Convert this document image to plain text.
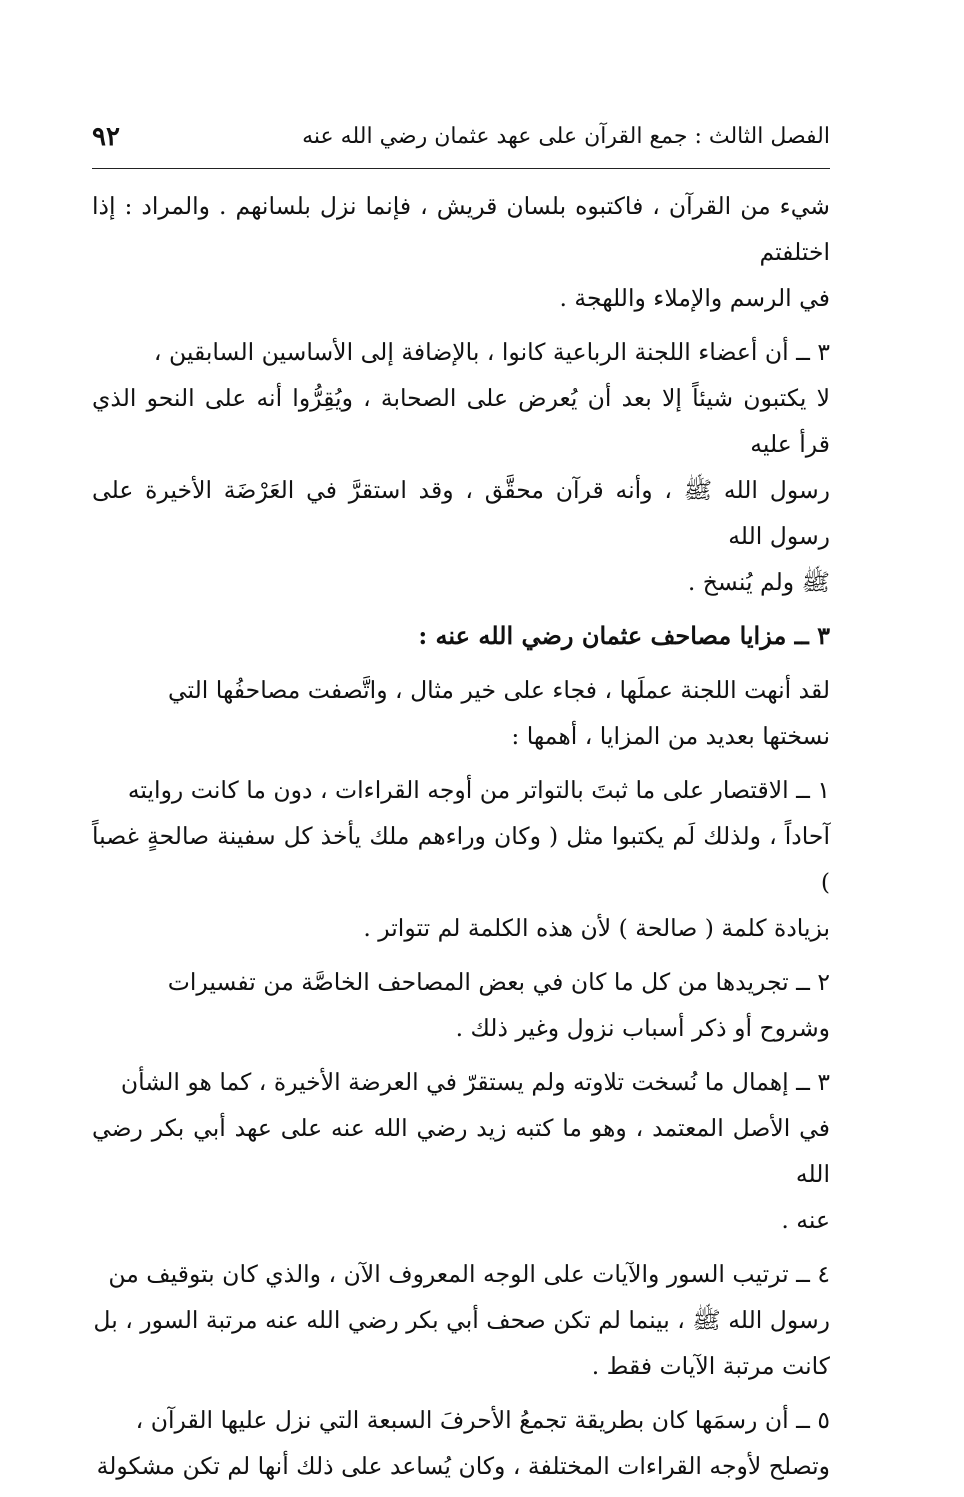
الفصل الثالث : جمع القرآن على عهد عثمان رضي الله عنه
٩٢

شيء من القرآن ، فاكتبوه بلسان قريش ، فإنما نزل بلسانهم . والمراد : إذا اختلفتم
في الرسم والإملاء واللهجة .

٣ ــ أن أعضاء اللجنة الرباعية كانوا ، بالإضافة إلى الأساسين السابقين ،
لا يكتبون شيئاً إلا بعد أن يُعرض على الصحابة ، ويُقِرُّوا أنه على النحو الذي قرأ عليه
رسول الله ﷺ ، وأنه قرآن محقَّق ، وقد استقرَّ في العَرْضَة الأخيرة على رسول الله
ﷺ ولم يُنسخ .

٣ ــ مزايا مصاحف عثمان رضي الله عنه :

لقد أنهت اللجنة عملَها ، فجاء على خير مثال ، واتَّصفت مصاحفُها التي
نسختها بعديد من المزايا ، أهمها :

١ ــ الاقتصار على ما ثبتَ بالتواتر من أوجه القراءات ، دون ما كانت روايته
آحاداً ، ولذلك لَم يكتبوا مثل ( وكان وراءهم ملك يأخذ كل سفينة صالحةٍ غصباً )
بزيادة كلمة ( صالحة ) لأن هذه الكلمة لم تتواتر .

٢ ــ تجريدها من كل ما كان في بعض المصاحف الخاصَّة من تفسيرات
وشروح أو ذكر أسباب نزول وغير ذلك .

٣ ــ إهمال ما نُسخت تلاوته ولم يستقرّ في العرضة الأخيرة ، كما هو الشأن
في الأصل المعتمد ، وهو ما كتبه زيد رضي الله عنه على عهد أبي بكر رضي الله
عنه .

٤ ــ ترتيب السور والآيات على الوجه المعروف الآن ، والذي كان بتوقيف من
رسول الله ﷺ ، بينما لم تكن صحف أبي بكر رضي الله عنه مرتبة السور ، بل
كانت مرتبة الآيات فقط .

٥ ــ أن رسمَها كان بطريقة تجمعُ الأحرفَ السبعة التي نزل عليها القرآن ،
وتصلح لأوجه القراءات المختلفة ، وكان يُساعد على ذلك أنها لم تكن مشكولة
